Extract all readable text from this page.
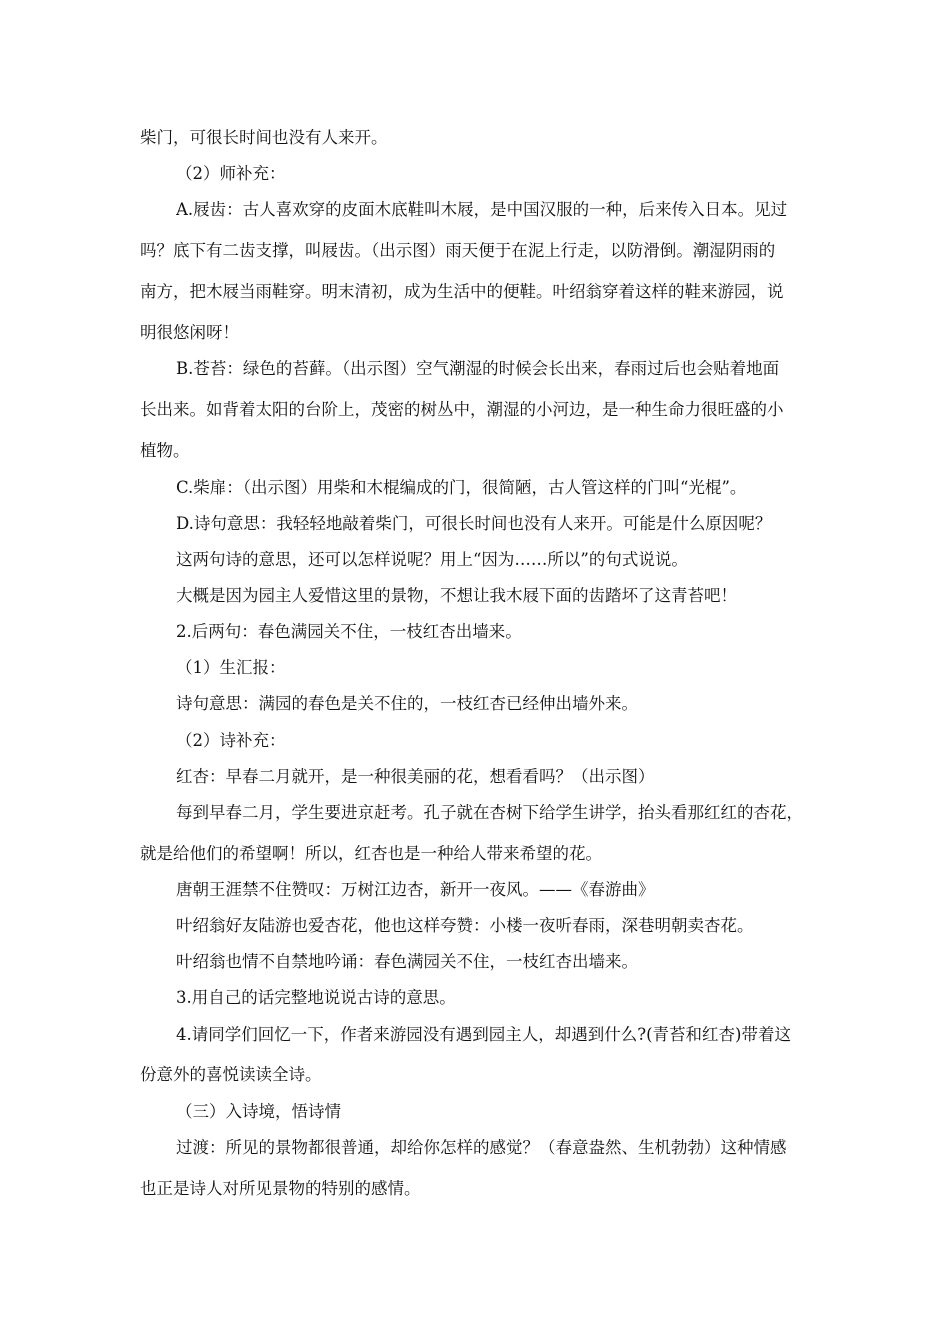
柴门，可很长时间也没有人来开。
（2）师补充：
A.屐齿：古人喜欢穿的皮面木底鞋叫木屐，是中国汉服的一种，后来传入日本。见过
吗？底下有二齿支撑，叫屐齿。（出示图）雨天便于在泥上行走，以防滑倒。潮湿阴雨的
南方，把木屐当雨鞋穿。明末清初，成为生活中的便鞋。叶绍翁穿着这样的鞋来游园，说
明很悠闲呀！
B.苍苔：绿色的苔藓。（出示图）空气潮湿的时候会长出来，春雨过后也会贴着地面
长出来。如背着太阳的台阶上，茂密的树丛中，潮湿的小河边，是一种生命力很旺盛的小
植物。
C.柴扉：（出示图）用柴和木棍编成的门，很简陋，古人管这样的门叫“光棍”。
D.诗句意思：我轻轻地敲着柴门，可很长时间也没有人来开。可能是什么原因呢？
这两句诗的意思，还可以怎样说呢？用上“因为……所以”的句式说说。
大概是因为园主人爱惜这里的景物，不想让我木屐下面的齿踏坏了这青苔吧！
2.后两句：春色满园关不住，一枝红杏出墙来。
（1）生汇报：
诗句意思：满园的春色是关不住的，一枝红杏已经伸出墙外来。
（2）诗补充：
红杏：早春二月就开，是一种很美丽的花，想看看吗？（出示图）
每到早春二月，学生要进京赶考。孔子就在杏树下给学生讲学，抬头看那红红的杏花，
就是给他们的希望啊！所以，红杏也是一种给人带来希望的花。
唐朝王涯禁不住赞叹：万树江边杏，新开一夜风。——《春游曲》
叶绍翁好友陆游也爱杏花，他也这样夸赞：小楼一夜听春雨，深巷明朝卖杏花。
叶绍翁也情不自禁地吟诵：春色满园关不住，一枝红杏出墙来。
3.用自己的话完整地说说古诗的意思。
4.请同学们回忆一下，作者来游园没有遇到园主人，却遇到什么?(青苔和红杏)带着这
份意外的喜悦读读全诗。
（三）入诗境，悟诗情
过渡：所见的景物都很普通，却给你怎样的感觉？（春意盎然、生机勃勃）这种情感
也正是诗人对所见景物的特别的感情。
